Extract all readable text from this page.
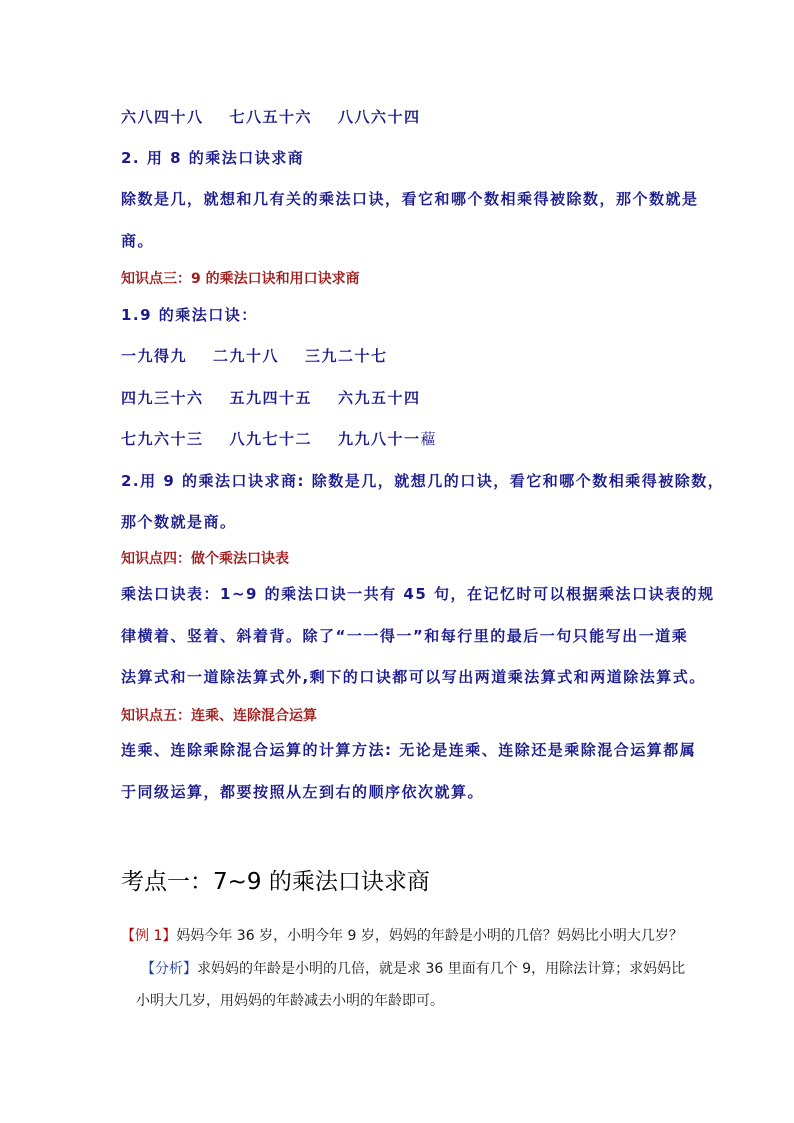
六八四十八 七八五十六 八八六十四
2. 用 8 的乘法口诀求商
除数是几，就想和几有关的乘法口诀，看它和哪个数相乘得被除数，那个数就是
商。
知识点三：9 的乘法口诀和用口诀求商
1.9 的乘法口诀：
一九得九 二九十八 三九二十七
四九三十六 五九四十五 六九五十四
七九六十三 八九七十二 九九八十一藲
2.用 9 的乘法口诀求商: 除数是几，就想几的口诀，看它和哪个数相乘得被除数，
那个数就是商。
知识点四：做个乘法口诀表
乘法口诀表：1~9 的乘法口诀一共有 45 句，在记忆时可以根据乘法口诀表的规
律横着、竖着、斜着背。除了“一一得一”和每行里的最后一句只能写出一道乘
法算式和一道除法算式外,剩下的口诀都可以写出两道乘法算式和两道除法算式。
知识点五：连乘、连除混合运算
连乘、连除乘除混合运算的计算方法: 无论是连乘、连除还是乘除混合运算都属
于同级运算，都要按照从左到右的顺序依次就算。
考点一：7~9 的乘法口诀求商
【例 1】妈妈今年 36 岁，小明今年 9 岁，妈妈的年龄是小明的几倍？妈妈比小明大几岁？
【分析】求妈妈的年龄是小明的几倍，就是求 36 里面有几个 9，用除法计算；求妈妈比
小明大几岁，用妈妈的年龄减去小明的年龄即可。
